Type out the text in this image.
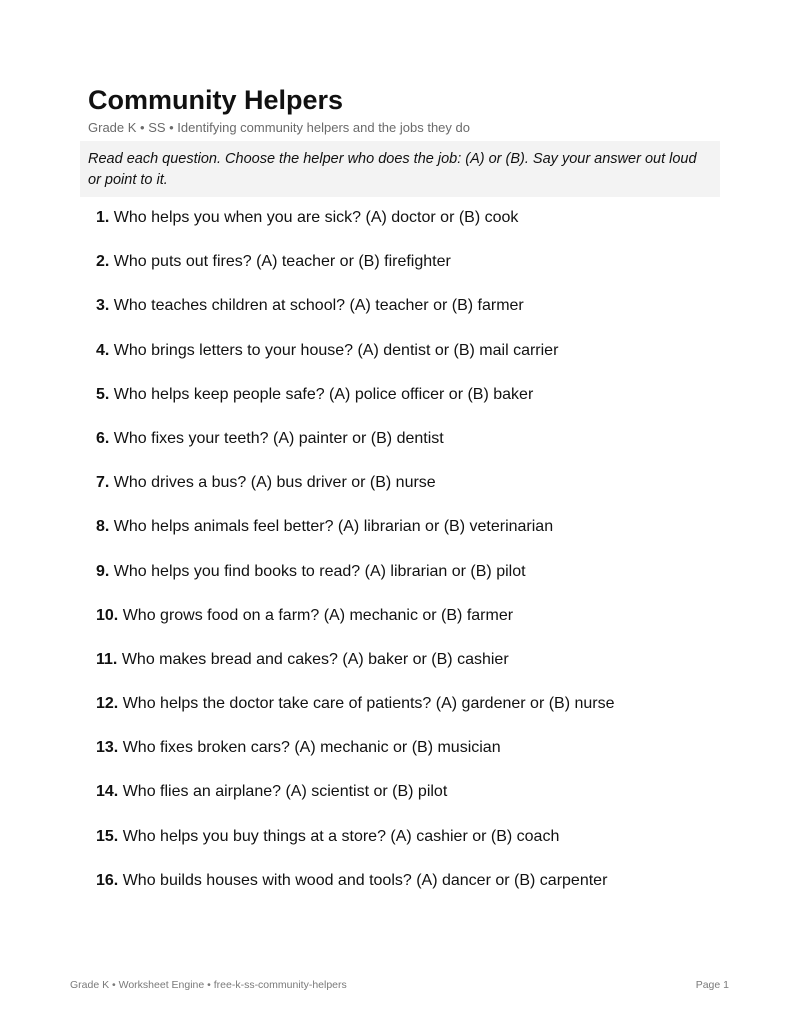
Community Helpers
Grade K • SS • Identifying community helpers and the jobs they do
Read each question. Choose the helper who does the job: (A) or (B). Say your answer out loud or point to it.
1. Who helps you when you are sick? (A) doctor or (B) cook
2. Who puts out fires? (A) teacher or (B) firefighter
3. Who teaches children at school? (A) teacher or (B) farmer
4. Who brings letters to your house? (A) dentist or (B) mail carrier
5. Who helps keep people safe? (A) police officer or (B) baker
6. Who fixes your teeth? (A) painter or (B) dentist
7. Who drives a bus? (A) bus driver or (B) nurse
8. Who helps animals feel better? (A) librarian or (B) veterinarian
9. Who helps you find books to read? (A) librarian or (B) pilot
10. Who grows food on a farm? (A) mechanic or (B) farmer
11. Who makes bread and cakes? (A) baker or (B) cashier
12. Who helps the doctor take care of patients? (A) gardener or (B) nurse
13. Who fixes broken cars? (A) mechanic or (B) musician
14. Who flies an airplane? (A) scientist or (B) pilot
15. Who helps you buy things at a store? (A) cashier or (B) coach
16. Who builds houses with wood and tools? (A) dancer or (B) carpenter
Grade K • Worksheet Engine • free-k-ss-community-helpers	Page 1
